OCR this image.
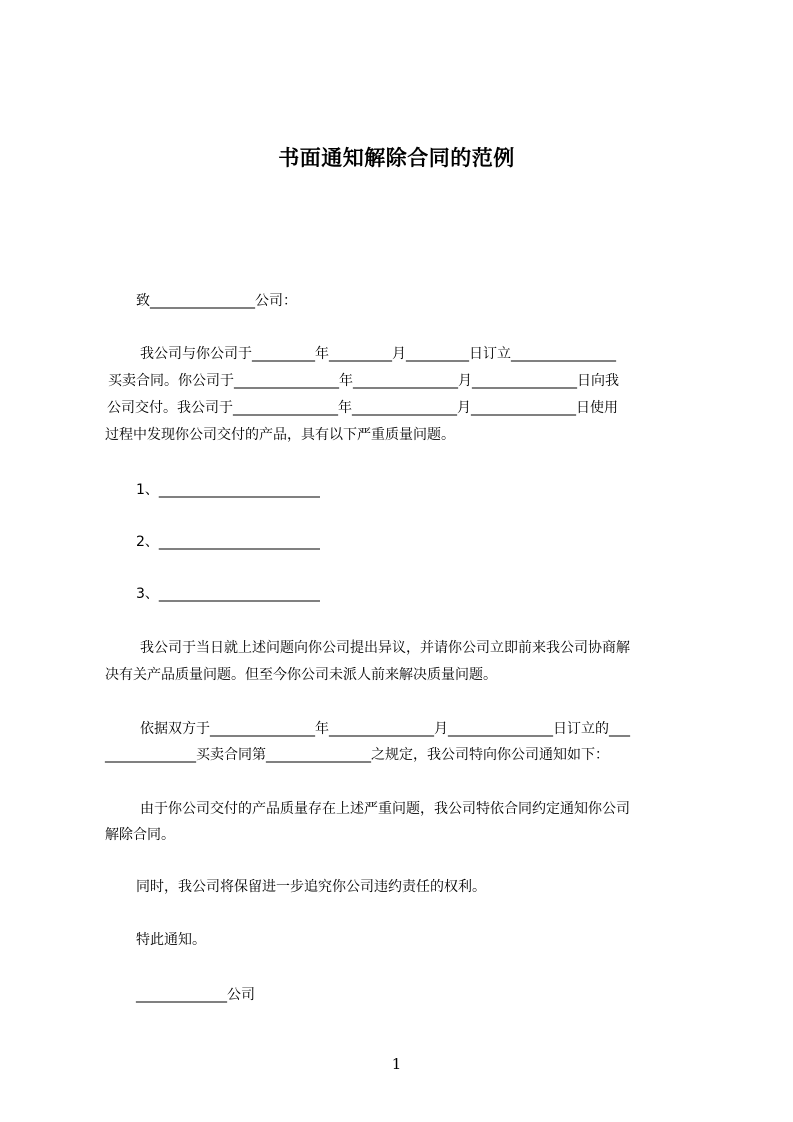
书面通知解除合同的范例
致_______________公司：
我公司与你公司于_________年_________月_________日订立_______________
买卖合同。你公司于_______________年_______________月_______________日向我
公司交付。我公司于_______________年_______________月_______________日使用
过程中发现你公司交付的产品，具有以下严重质量问题。
1、_______________________
2、_______________________
3、_______________________
我公司于当日就上述问题向你公司提出异议，并请你公司立即前来我公司协商解
决有关产品质量问题。但至今你公司未派人前来解决质量问题。
依据双方于_______________年_______________月_______________日订立的___
_____________买卖合同第_______________之规定，我公司特向你公司通知如下：
由于你公司交付的产品质量存在上述严重问题，我公司特依合同约定通知你公司
解除合同。
同时，我公司将保留进一步追究你公司违约责任的权利。
特此通知。
_____________公司
1
